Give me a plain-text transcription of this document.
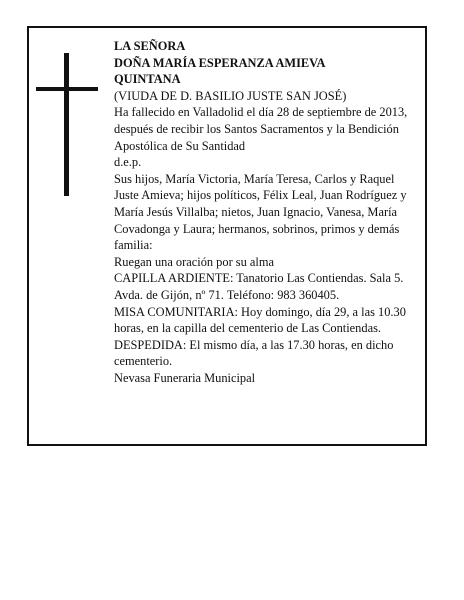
LA SEÑORA
DOÑA MARÍA ESPERANZA AMIEVA
QUINTANA
(VIUDA DE D. BASILIO JUSTE SAN JOSÉ)
Ha fallecido en Valladolid el día 28 de septiembre de 2013, después de recibir los Santos Sacramentos y la Bendición Apostólica de Su Santidad
d.e.p.
Sus hijos, María Victoria, María Teresa, Carlos y Raquel Juste Amieva; hijos políticos, Félix Leal, Juan Rodríguez y María Jesús Villalba; nietos, Juan Ignacio, Vanesa, María Covadonga y Laura; hermanos, sobrinos, primos y demás familia:
Ruegan una oración por su alma
CAPILLA ARDIENTE: Tanatorio Las Contiendas. Sala 5. Avda. de Gijón, nº 71. Teléfono: 983 360405.
MISA COMUNITARIA: Hoy domingo, día 29, a las 10.30 horas, en la capilla del cementerio de Las Contiendas. DESPEDIDA: El mismo día, a las 17.30 horas, en dicho cementerio.
Nevasa Funeraria Municipal
